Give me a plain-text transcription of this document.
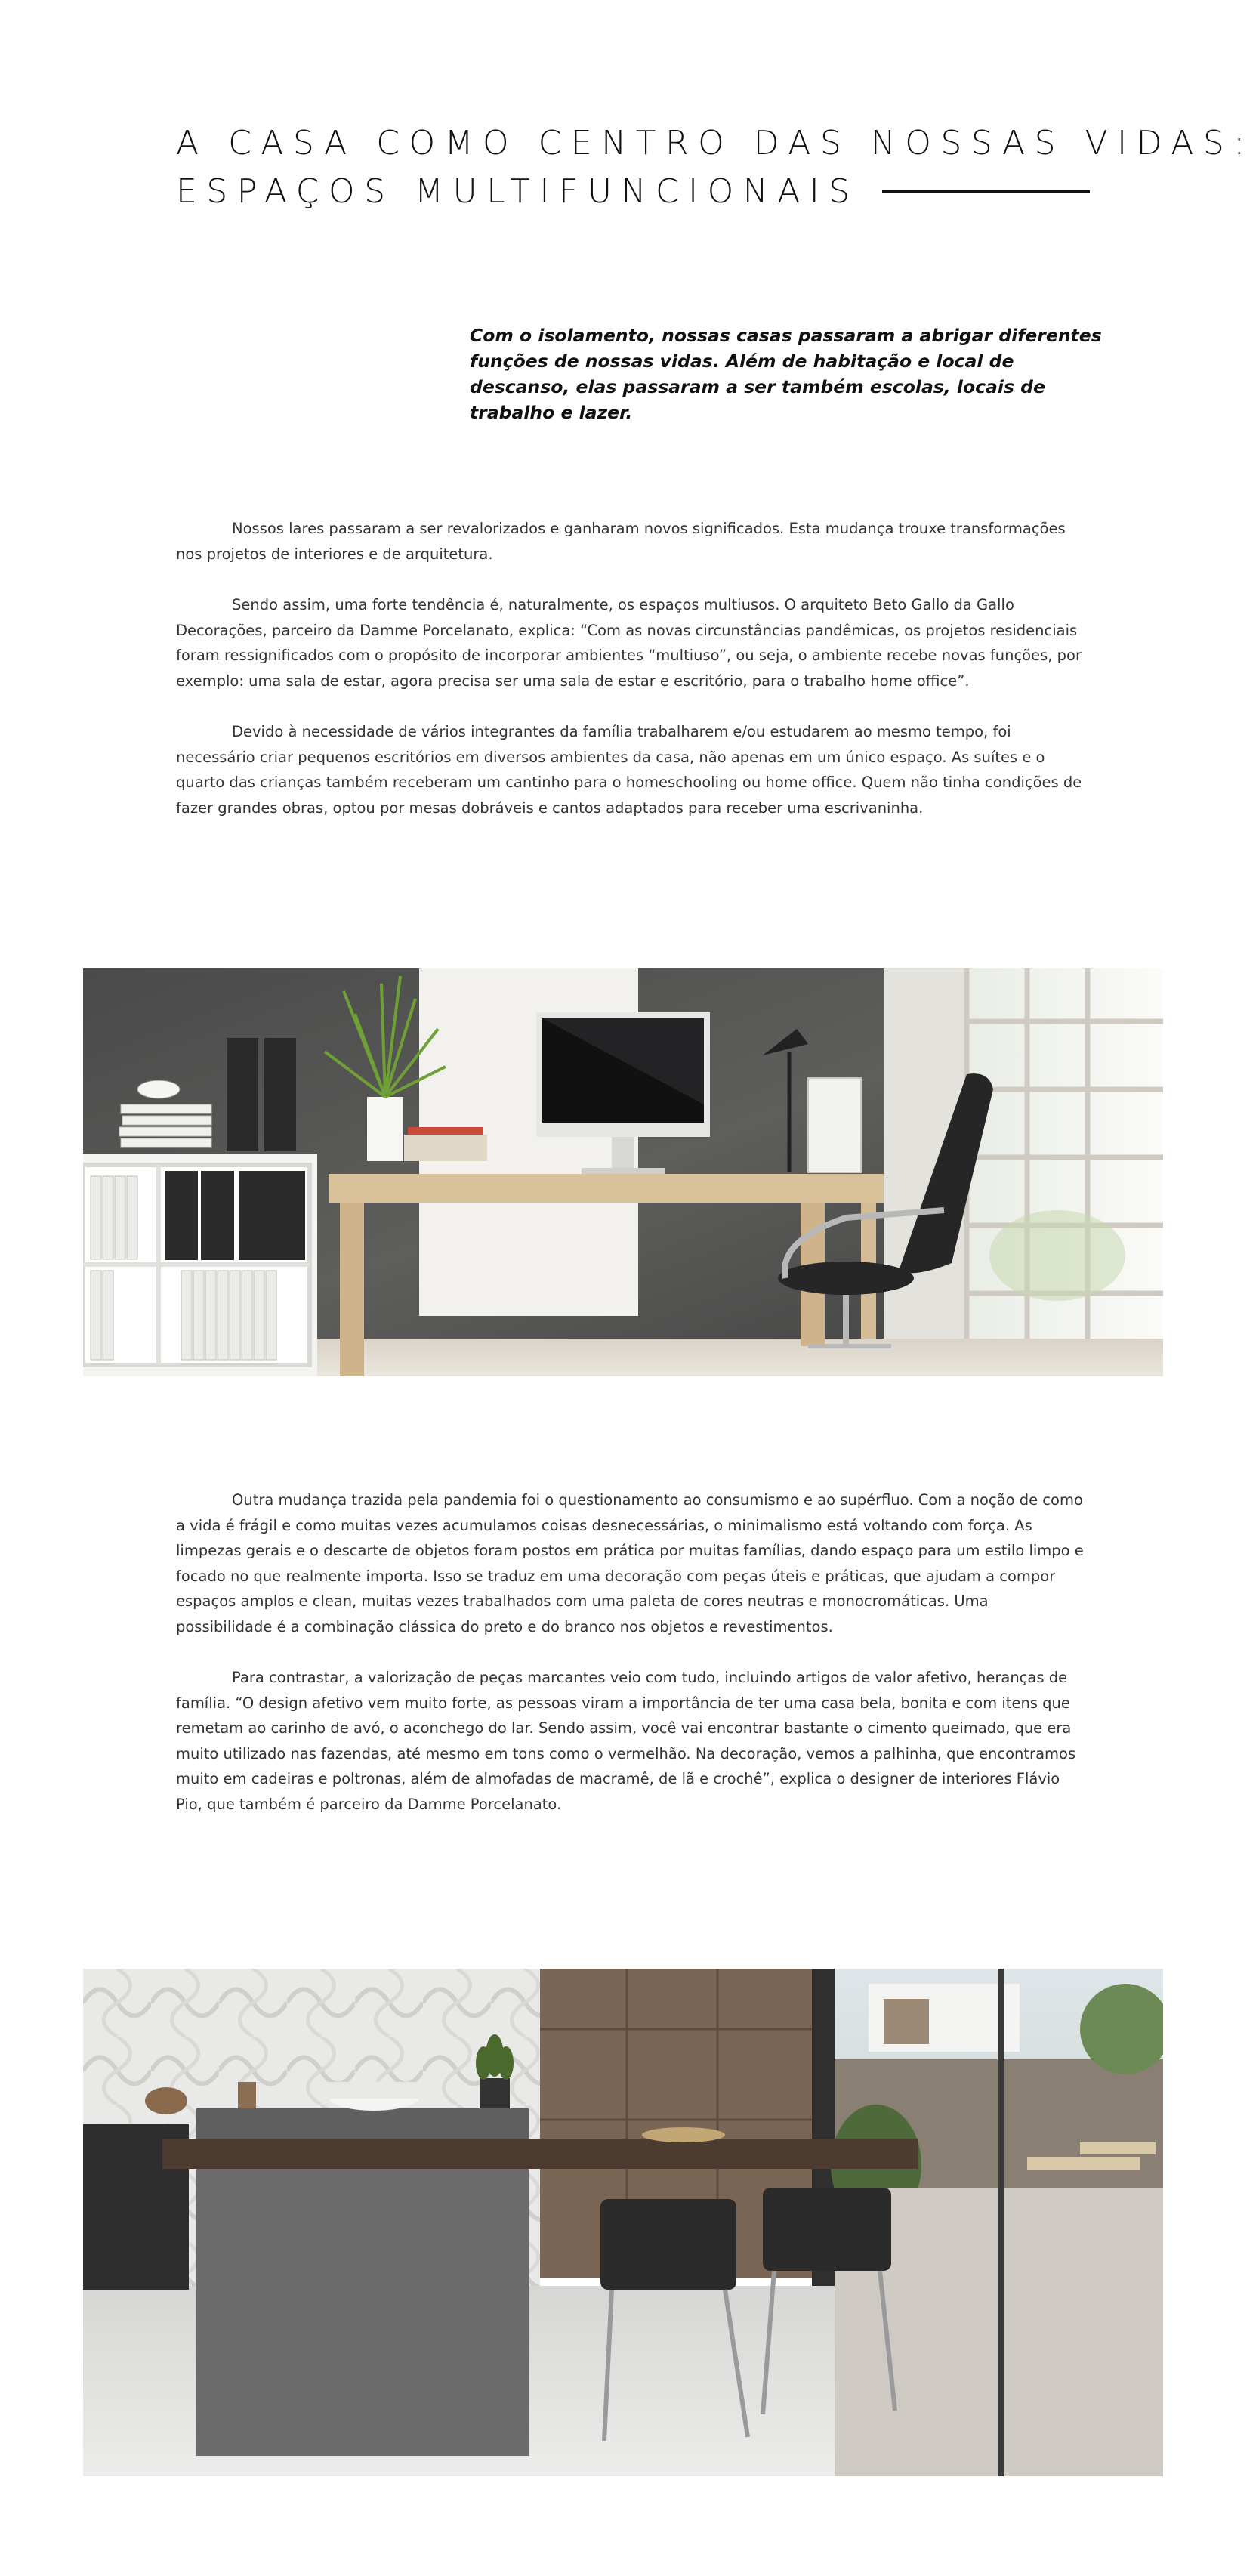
A CASA COMO CENTRO DAS NOSSAS VIDAS:
ESPAÇOS MULTIFUNCIONAIS

Com o isolamento, nossas casas passaram a abrigar diferentes funções de nossas vidas. Além de habitação e local de descanso, elas passaram a ser também escolas, locais de trabalho e lazer.

Nossos lares passaram a ser revalorizados e ganharam novos significados. Esta mudança trouxe transformações nos projetos de interiores e de arquitetura.

Sendo assim, uma forte tendência é, naturalmente, os espaços multiusos. O arquiteto Beto Gallo da Gallo Decorações, parceiro da Damme Porcelanato, explica: “Com as novas circunstâncias pandêmicas, os projetos residenciais foram ressignificados com o propósito de incorporar ambientes “multiuso”, ou seja, o ambiente recebe novas funções, por exemplo: uma sala de estar, agora precisa ser uma sala de estar e escritório, para o trabalho home office”.

Devido à necessidade de vários integrantes da família trabalharem e/ou estudarem ao mesmo tempo, foi necessário criar pequenos escritórios em diversos ambientes da casa, não apenas em um único espaço. As suítes e o quarto das crianças também receberam um cantinho para o homeschooling ou home office. Quem não tinha condições de fazer grandes obras, optou por mesas dobráveis e cantos adaptados para receber uma escrivaninha.

Outra mudança trazida pela pandemia foi o questionamento ao consumismo e ao supérfluo. Com a noção de como a vida é frágil e como muitas vezes acumulamos coisas desnecessárias, o minimalismo está voltando com força. As limpezas gerais e o descarte de objetos foram postos em prática por muitas famílias, dando espaço para um estilo limpo e focado no que realmente importa. Isso se traduz em uma decoração com peças úteis e práticas, que ajudam a compor espaços amplos e clean, muitas vezes trabalhados com uma paleta de cores neutras e monocromáticas. Uma possibilidade é a combinação clássica do preto e do branco nos objetos e revestimentos.

Para contrastar, a valorização de peças marcantes veio com tudo, incluindo artigos de valor afetivo, heranças de família. “O design afetivo vem muito forte, as pessoas viram a importância de ter uma casa bela, bonita e com itens que remetam ao carinho de avó, o aconchego do lar. Sendo assim, você vai encontrar bastante o cimento queimado, que era muito utilizado nas fazendas, até mesmo em tons como o vermelhão. Na decoração, vemos a palhinha, que encontramos muito em cadeiras e poltronas, além de almofadas de macramê, de lã e crochê”, explica o designer de interiores Flávio Pio, que também é parceiro da Damme Porcelanato.
